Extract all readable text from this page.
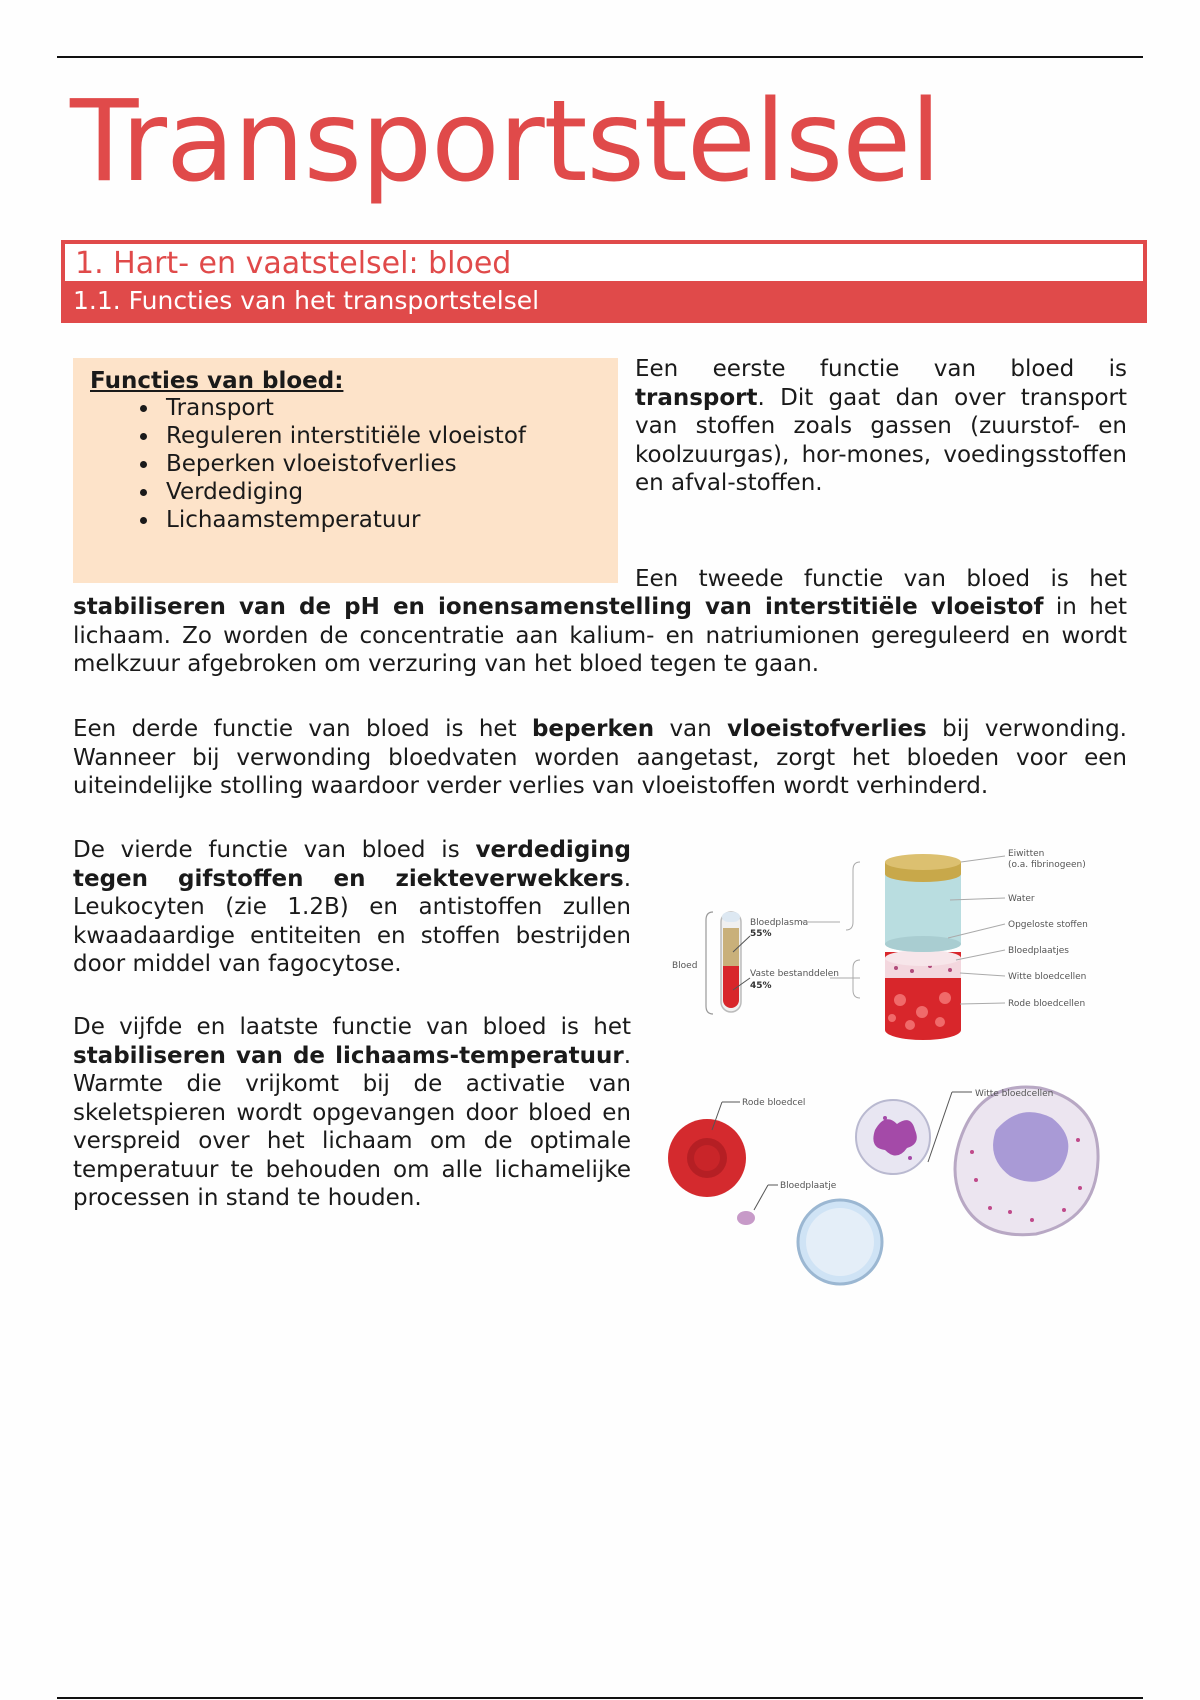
Transportstelsel
1. Hart- en vaatstelsel: bloed
1.1. Functies van het transportstelsel

Functies van bloed:

• Transport
• Reguleren interstitiële vloeistof
• Beperken vloeistofverlies
• Verdediging
• Lichaamstemperatuur

Een eerste functie van bloed is transport. Dit gaat dan over transport van stoffen zoals gassen (zuurstof- en koolzuurgas), hor-mones, voedingsstoffen en afval-stoffen.

Een tweede functie van bloed is het

stabiliseren van de pH en ionensamenstelling van interstitiële vloeistof in het lichaam. Zo worden de concentratie aan kalium- en natriumionen gereguleerd en wordt melkzuur afgebroken om verzuring van het bloed tegen te gaan.

Een derde functie van bloed is het beperken van vloeistofverlies bij verwonding. Wanneer bij verwonding bloedvaten worden aangetast, zorgt het bloeden voor een uiteindelijke stolling waardoor verder verlies van vloeistoffen wordt verhinderd.

De vierde functie van bloed is verdediging tegen gifstoffen en ziekteverwekkers. Leukocyten (zie 1.2B) en antistoffen zullen kwaadaardige entiteiten en stoffen bestrijden door middel van fagocytose.

De vijfde en laatste functie van bloed is het stabiliseren van de lichaams-temperatuur. Warmte die vrijkomt bij de activatie van skeletspieren wordt opgevangen door bloed en verspreid over het lichaam om de optimale temperatuur te behouden om alle lichamelijke processen in stand te houden.

Bloed
Bloedplasma
55%
Vaste bestanddelen
45%
Eiwitten
(o.a. fibrinogeen)
Water
Opgeloste stoffen
Bloedplaatjes
Witte bloedcellen
Rode bloedcellen
Rode bloedcel
Bloedplaatje
Witte bloedcellen
